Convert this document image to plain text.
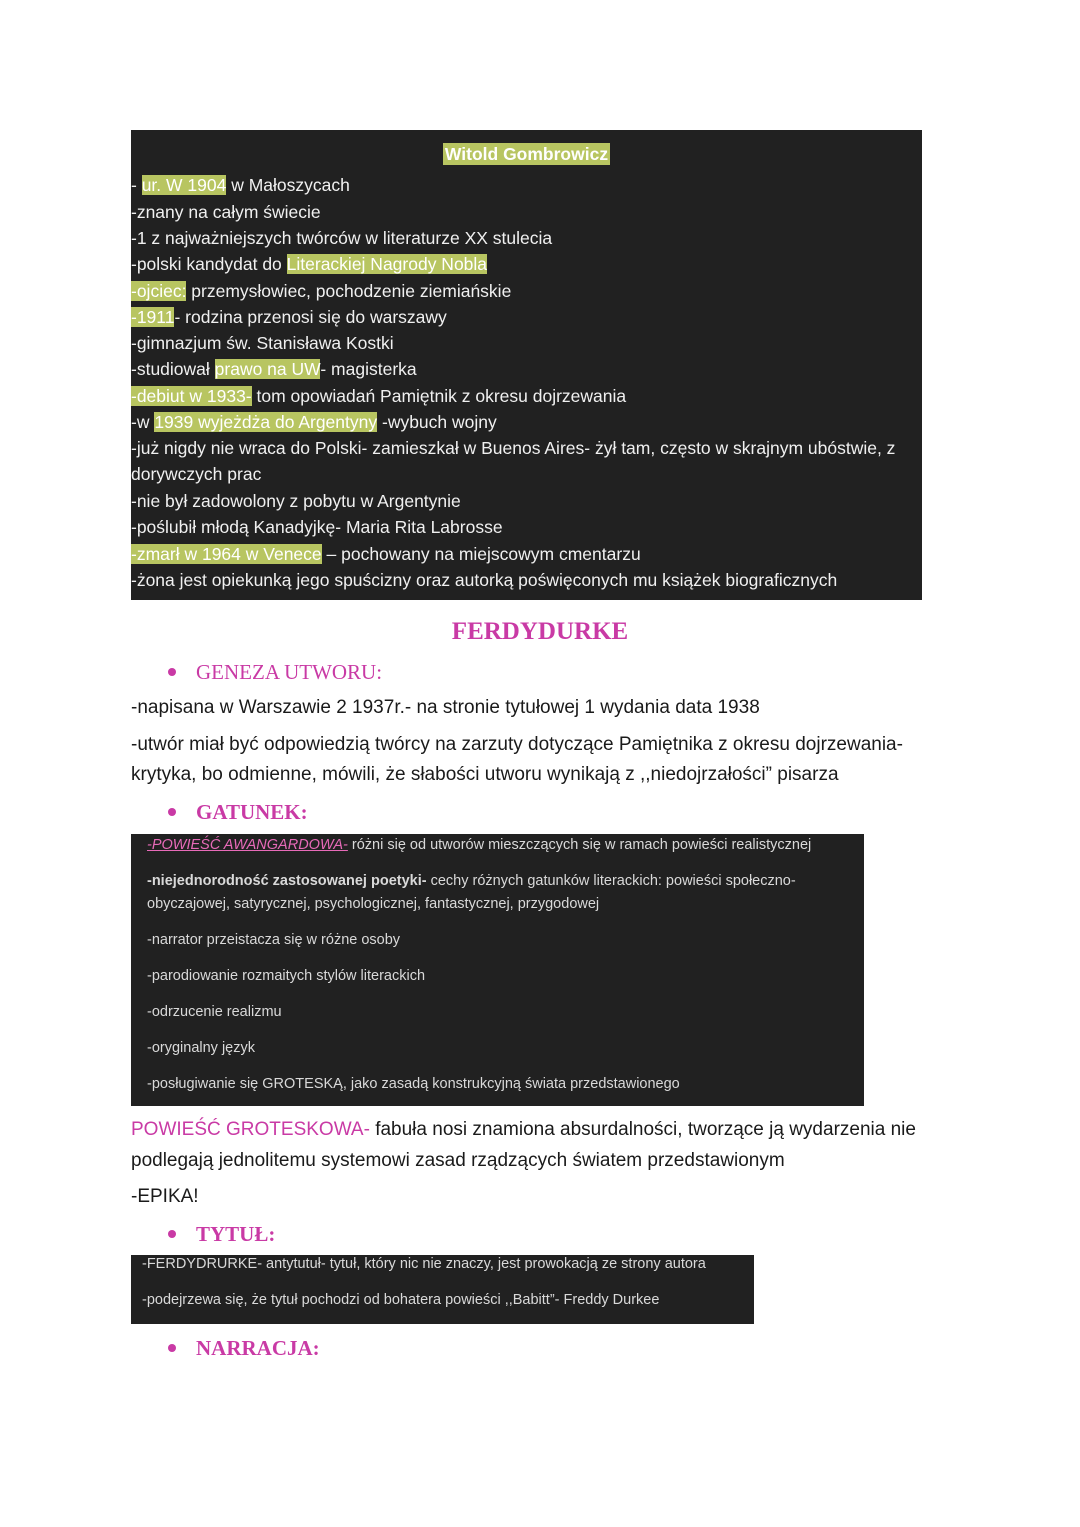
Witold Gombrowicz
- ur. W 1904 w Małoszycach
-znany na całym świecie
-1 z najważniejszych twórców w literaturze XX stulecia
-polski kandydat do Literackiej Nagrody Nobla
-ojciec: przemysłowiec, pochodzenie ziemiańskie
-1911- rodzina przenosi się do warszawy
-gimnazjum św. Stanisława Kostki
-studiował prawo na UW- magisterka
-debiut w 1933- tom opowiadań Pamiętnik z okresu dojrzewania
-w 1939 wyjeżdża do Argentyny -wybuch wojny
-już nigdy nie wraca do Polski- zamieszkał w Buenos Aires- żył tam, często w skrajnym ubóstwie, z
dorywczych prac
-nie był zadowolony z pobytu w Argentynie
-poślubił młodą Kanadyjkę- Maria Rita Labrosse
-zmarł w 1964 w Venece – pochowany na miejscowym cmentarzu
-żona jest opiekunką jego spuścizny oraz autorką poświęconych mu książek biograficznych
FERDYDURKE
GENEZA UTWORU:
-napisana w Warszawie 2 1937r.- na stronie tytułowej 1 wydania data 1938
-utwór miał być odpowiedzią twórcy na zarzuty dotyczące Pamiętnika z okresu dojrzewania-
krytyka, bo odmienne, mówili, że słabości utworu wynikają z ,,niedojrzałości” pisarza
GATUNEK:
-POWIEŚĆ AWANGARDOWA- różni się od utworów mieszczących się w ramach powieści realistycznej
-niejednorodność zastosowanej poetyki- cechy różnych gatunków literackich: powieści społeczno-
obyczajowej, satyrycznej, psychologicznej, fantastycznej, przygodowej
-narrator przeistacza się w różne osoby
-parodiowanie rozmaitych stylów literackich
-odrzucenie realizmu
-oryginalny język
-posługiwanie się GROTESKĄ, jako zasadą konstrukcyjną świata przedstawionego
POWIEŚĆ GROTESKOWA- fabuła nosi znamiona absurdalności, tworzące ją wydarzenia nie
podlegają jednolitemu systemowi zasad rządzących światem przedstawionym
-EPIKA!
TYTUŁ:
-FERDYDRURKE- antytutuł- tytuł, który nic nie znaczy, jest prowokacją ze strony autora
-podejrzewa się, że tytuł pochodzi od bohatera powieści ,,Babitt”- Freddy Durkee
NARRACJA:
